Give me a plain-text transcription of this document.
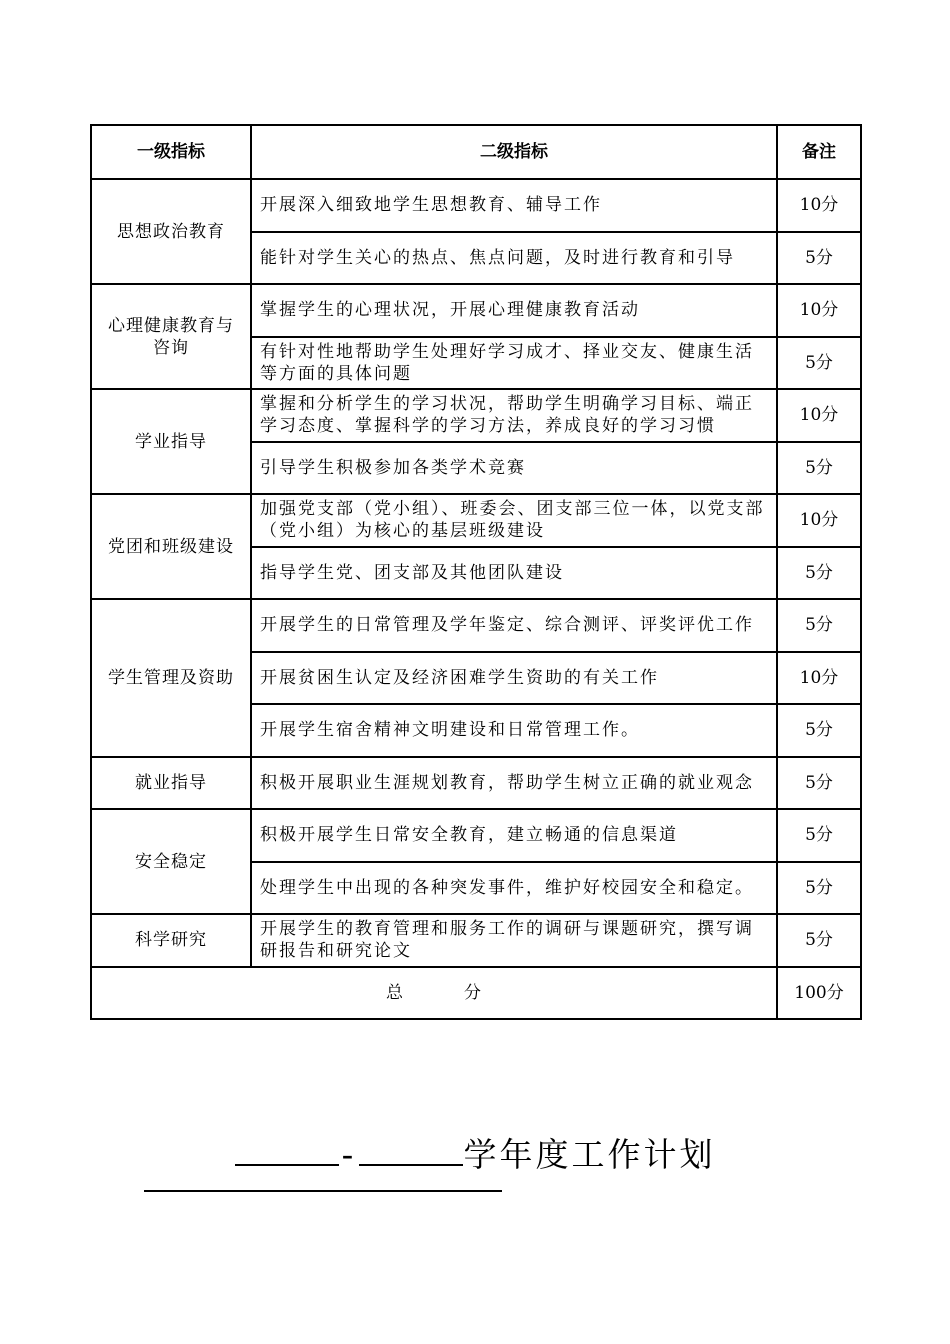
一级指标	二级指标	备注
思想政治教育	开展深入细致地学生思想教育、辅导工作	10分
	能针对学生关心的热点、焦点问题，及时进行教育和引导	5分
心理健康教育与咨询	掌握学生的心理状况，开展心理健康教育活动	10分
	有针对性地帮助学生处理好学习成才、择业交友、健康生活等方面的具体问题	5分
学业指导	掌握和分析学生的学习状况，帮助学生明确学习目标、端正学习态度、掌握科学的学习方法，养成良好的学习习惯	10分
	引导学生积极参加各类学术竞赛	5分
党团和班级建设	加强党支部（党小组）、班委会、团支部三位一体，以党支部（党小组）为核心的基层班级建设	10分
	指导学生党、团支部及其他团队建设	5分
学生管理及资助	开展学生的日常管理及学年鉴定、综合测评、评奖评优工作	5分
	开展贫困生认定及经济困难学生资助的有关工作	10分
	开展学生宿舍精神文明建设和日常管理工作。	5分
就业指导	积极开展职业生涯规划教育，帮助学生树立正确的就业观念	5分
安全稳定	积极开展学生日常安全教育，建立畅通的信息渠道	5分
	处理学生中出现的各种突发事件，维护好校园安全和稳定。	5分
科学研究	开展学生的教育管理和服务工作的调研与课题研究，撰写调研报告和研究论文	5分
总 分		100分
-	学年度工作计划
